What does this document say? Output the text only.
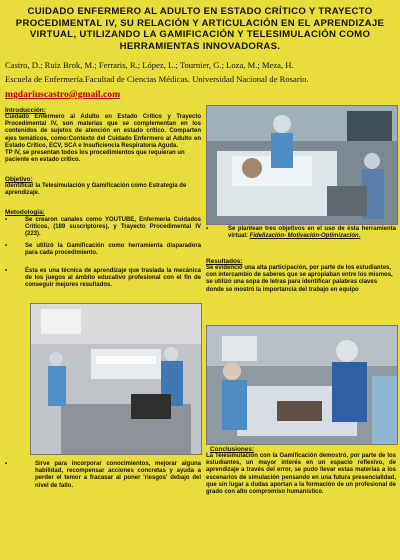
CUIDADO ENFERMERO AL ADULTO EN ESTADO CRÍTICO Y TRAYECTO PROCEDIMENTAL IV, SU RELACIÓN Y ARTICULACIÓN EN EL APRENDIZAJE VIRTUAL, UTILIZANDO LA GAMIFICACIÓN Y TELESIMULACIÓN COMO HERRAMIENTAS INNOVADORAS.
Castro, D.; Ruiz Brok, M.; Ferraris, R.; López, L.; Tournier, G.; Loza, M.; Meza, H.
Escuela de Enfermería.Facultad de Ciencias Médicas. Universidad Nacional de Rosario.
mgdariuscastro@gmail.com
Introducción:
Cuidado Enfermero al Adulto en Estado Crítico y Trayecto Procedimental IV, son materias que se complementan en los contenidos de sujetos de atención en estado crítico. Comparten ejes temáticos, como:Contexto del Cuidado Enfermero al Adulto en Estado Crítico, ECV, SCA e Insuficiencia Respiratoria Aguda.
TP IV, se presentan todos los procedimientos que requieran un paciente en estado crítico.
Objetivo:
Identificar la Telesimulación y Gamificación como Estrategia de aprendizaje.
Metodología:
•	Se crearon canales como YOUTUBE, Enfermería Cuidados Críticos, (189 suscriptores), y Trayecto Procedimental IV (223).
•	Se utilizó la Gamificación como herramienta disparadora para cada procedimiento.
•	Ésta es una técnica de aprendizaje que traslada la mecánica de los juegos al ámbito educativo profesional con el fin de conseguir mejores resultados.
•	Sirve para incorporar conocimientos, mejorar alguna habilidad, recompensar acciones concretas y ayuda a perder el temor a fracasar al poner 'riesgos' debajo del nivel de fallo.
•	Se plantean tres objetivos en el uso de ésta herramienta virtual: Fidelización- Motivación-Optimización.
Resultados:
Se evidenció una alta participación, por parte de los estudiantes, con intercambio de saberes que se apropiaban entre los mismos, se utilizó una sopa de letras para identificar palabras claves donde se mostró la importancia del trabajo en equipo
Conclusiones:
La Telesimulación con la Gamificación demostró, por parte de los estudiantes, un mayor interés en un espacio reflexivo, de aprendizaje a través del error, se pudo llevar estas materias a los escenarios de simulación pensando en una futura presencialidad, que sin lugar a dudas aportan a la formación de un profesional de grado con alto compromiso humanístico.
